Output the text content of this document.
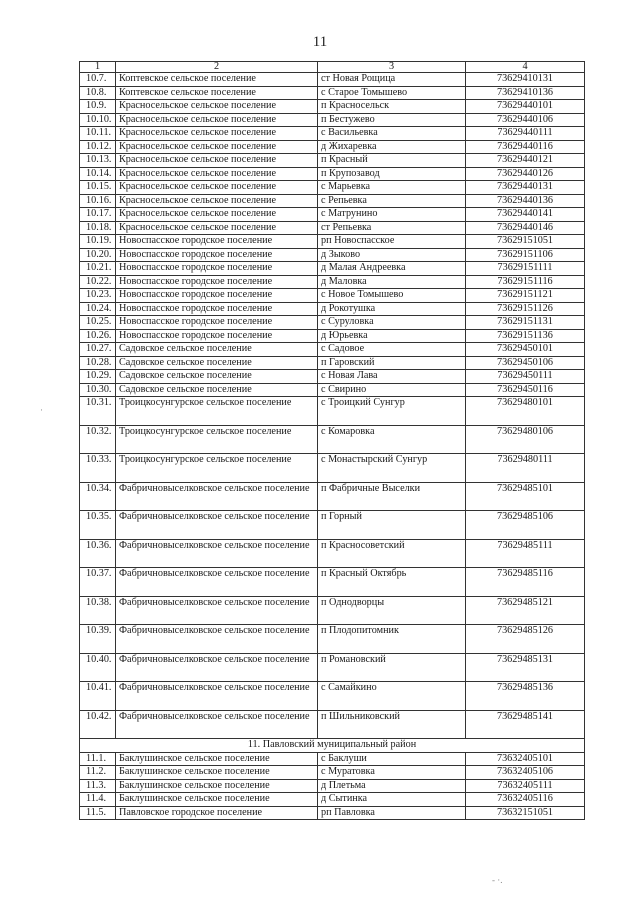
11
1	2	3	4
10.7.	Коптевское сельское поселение	ст Новая Рощица	73629410131
10.8.	Коптевское сельское поселение	с Старое Томышево	73629410136
10.9.	Красносельское сельское поселение	п Красносельск	73629440101
10.10.	Красносельское сельское поселение	п Бестужево	73629440106
10.11.	Красносельское сельское поселение	с Васильевка	73629440111
10.12.	Красносельское сельское поселение	д Жихаревка	73629440116
10.13.	Красносельское сельское поселение	п Красный	73629440121
10.14.	Красносельское сельское поселение	п Крупозавод	73629440126
10.15.	Красносельское сельское поселение	с Марьевка	73629440131
10.16.	Красносельское сельское поселение	с Репьевка	73629440136
10.17.	Красносельское сельское поселение	с Матрунино	73629440141
10.18.	Красносельское сельское поселение	ст Репьевка	73629440146
10.19.	Новоспасское городское поселение	рп Новоспасское	73629151051
10.20.	Новоспасское городское поселение	д Зыково	73629151106
10.21.	Новоспасское городское поселение	д Малая Андреевка	73629151111
10.22.	Новоспасское городское поселение	д Маловка	73629151116
10.23.	Новоспасское городское поселение	с Новое Томышево	73629151121
10.24.	Новоспасское городское поселение	д Рокотушка	73629151126
10.25.	Новоспасское городское поселение	с Суруловка	73629151131
10.26.	Новоспасское городское поселение	д Юрьевка	73629151136
10.27.	Садовское сельское поселение	с Садовое	73629450101
10.28.	Садовское сельское поселение	п Гаровский	73629450106
10.29.	Садовское сельское поселение	с Новая Лава	73629450111
10.30.	Садовское сельское поселение	с Свирино	73629450116
10.31.	Троицкосунгурское сельское поселение	с Троицкий Сунгур	73629480101
10.32.	Троицкосунгурское сельское поселение	с Комаровка	73629480106
10.33.	Троицкосунгурское сельское поселение	с Монастырский Сунгур	73629480111
10.34.	Фабричновыселковское сельское поселение	п Фабричные Выселки	73629485101
10.35.	Фабричновыселковское сельское поселение	п Горный	73629485106
10.36.	Фабричновыселковское сельское поселение	п Красносоветский	73629485111
10.37.	Фабричновыселковское сельское поселение	п Красный Октябрь	73629485116
10.38.	Фабричновыселковское сельское поселение	п Однодворцы	73629485121
10.39.	Фабричновыселковское сельское поселение	п Плодопитомник	73629485126
10.40.	Фабричновыселковское сельское поселение	п Романовский	73629485131
10.41.	Фабричновыселковское сельское поселение	с Самайкино	73629485136
10.42.	Фабричновыселковское сельское поселение	п Шильниковский	73629485141
11. Павловский муниципальный район			
11.1.	Баклушинское сельское поселение	с Баклуши	73632405101
11.2.	Баклушинское сельское поселение	с Муратовка	73632405106
11.3.	Баклушинское сельское поселение	д Плетьма	73632405111
11.4.	Баклушинское сельское поселение	д Сытинка	73632405116
11.5.	Павловское городское поселение	рп Павловка	73632151051
·
- ·.
